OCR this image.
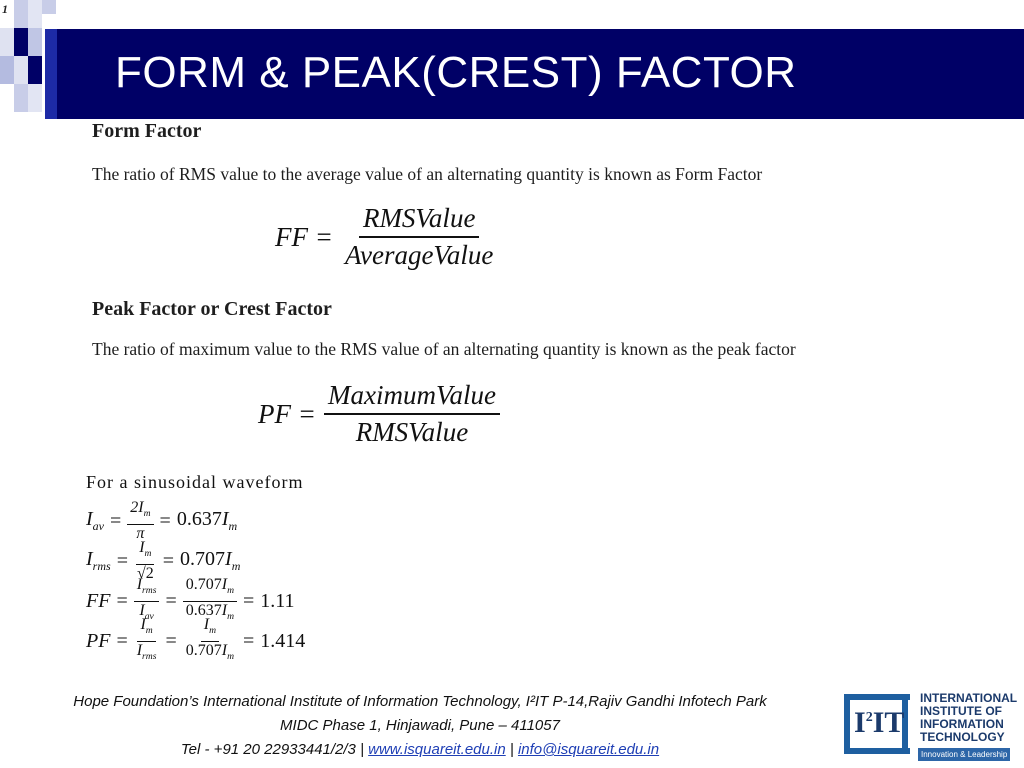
1
FORM & PEAK(CREST) FACTOR
Form Factor
The ratio of RMS value to the average value of an alternating quantity is known as Form Factor
FF = $\frac{\text{RMSValue}}{\text{AverageValue}}$
Peak Factor or Crest Factor
The ratio of maximum value to the RMS value of an alternating quantity is known as the peak factor
PF = $\frac{\text{MaximumValue}}{\text{RMSValue}}$
For a sinusoidal waveform
$I_{av} = \frac{2I_m}{\pi} = 0.637I_m$
$I_{rms} = \frac{I_m}{√2} = 0.707I_m$
FF =
$I_{rms}$
$I_{av}$
= $\frac{0.707I_m}{0.637I_m} = 1.11$
PF =
$I_m$
$I_{rms}$
= $\frac{I_m}{0.707I_m} = 1.414$
Hope Foundation’s International Institute of Information Technology, I²IT P-14,Rajiv Gandhi Infotech Park
MIDC Phase 1, Hinjawadi, Pune – 411057
Tel - +91 20 22933441/2/3 | www.isquareit.edu.in | info@isquareit.edu.in
$I^2IT$
INTERNATIONAL
INSTITUTE OF
INFORMATION
TECHNOLOGY
Innovation & Leadership
